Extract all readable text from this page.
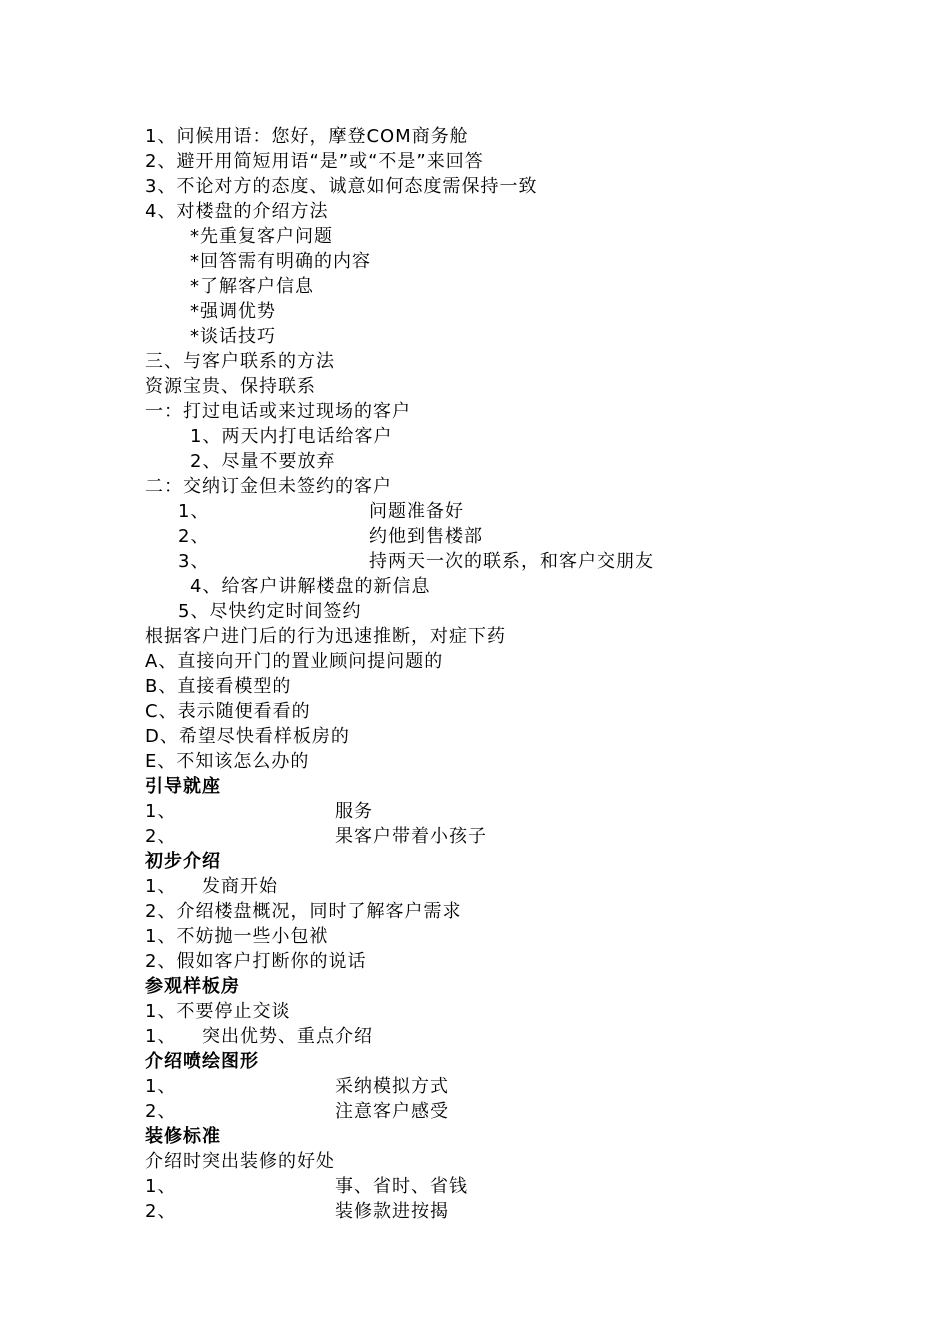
1、问候用语：您好，摩登COM商务舱
2、避开用简短用语“是”或“不是”来回答
3、不论对方的态度、诚意如何态度需保持一致
4、对楼盘的介绍方法
*先重复客户问题
*回答需有明确的内容
*了解客户信息
*强调优势
*谈话技巧
三、与客户联系的方法
资源宝贵、保持联系
一：打过电话或来过现场的客户
1、两天内打电话给客户
2、尽量不要放弃
二：交纳订金但未签约的客户
1、	问题准备好
2、	约他到售楼部
3、	持两天一次的联系，和客户交朋友
4、给客户讲解楼盘的新信息
5、尽快约定时间签约
根据客户进门后的行为迅速推断，对症下药
A、直接向开门的置业顾问提问题的
B、直接看模型的
C、表示随便看看的
D、希望尽快看样板房的
E、不知该怎么办的
引导就座
1、	服务
2、	果客户带着小孩子
初步介绍
1、 发商开始
2、介绍楼盘概况，同时了解客户需求
1、不妨抛一些小包袱
2、假如客户打断你的说话
参观样板房
1、不要停止交谈
1、 突出优势、重点介绍
介绍喷绘图形
1、	采纳模拟方式
2、	注意客户感受
装修标准
介绍时突出装修的好处
1、	事、省时、省钱
2、	装修款进按揭
